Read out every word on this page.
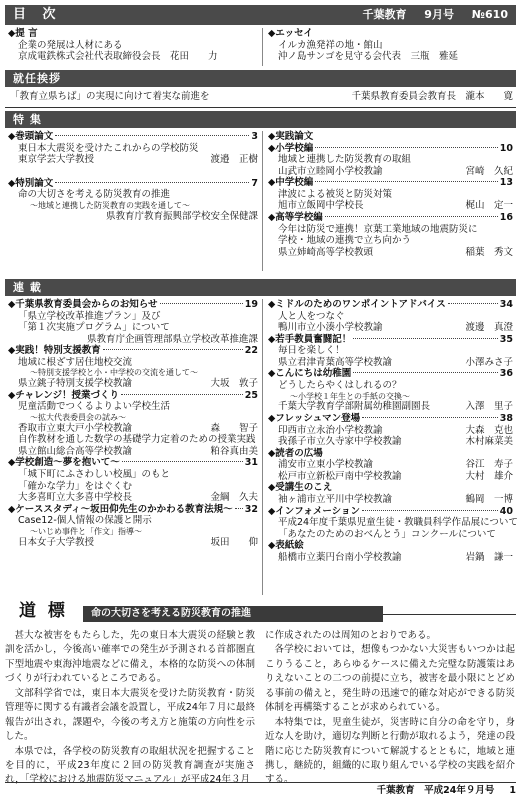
目 次	千葉教育 9月号 №610
◆提 言
企業の発展は人材にある
京成電鉄株式会社代表取締役会長　花田　　力
◆エッセイ
イルカ漁発祥の地・館山
沖ノ島サンゴを見守る会代表　三瓶　雅延
就任挨拶
「教育立県ちば」の実現に向けて着実な前進を	千葉県教育委員会教育長　瀧本　　寛
特 集
◆巻頭論文	3
東日本大震災を受けたこれからの学校防災
東京学芸大学教授	渡邉　正樹
◆特別論文	7
命の大切さを考える防災教育の推進
～地域と連携した防災教育の実践を通して～
県教育庁教育振興部学校安全保健課
◆実践論文
◆小学校編	10
地域と連携した防災教育の取組
山武市立睦岡小学校教諭	宮崎　久紀
◆中学校編	13
津波による被災と防災対策
旭市立飯岡中学校長	梶山　定一
◆高等学校編	16
今年は防災で連携！京葉工業地域の地震防災に
学校・地域の連携で立ち向かう
県立姉崎高等学校教頭	稲葉　秀文
連 載
◆千葉県教育委員会からのお知らせ	19
「県立学校改革推進プラン」及び
「第１次実施プログラム」について
県教育庁企画管理部県立学校改革推進課
◆実践！特別支援教育	22
地域に根ざす居住地校交流
～特別支援学校と小・中学校の交流を通して～
県立銚子特別支援学校教諭	大坂　敦子
◆チャレンジ！授業づくり	25
児童活動でつくるよりよい学校生活
～拡大代表委員会の試み～
香取市立東大戸小学校教諭	森　　智子
自作教材を通した数学の基礎学力定着のための授業実践
県立館山総合高等学校教諭	粕谷真由美
◆学校創造～夢を抱いて～	31
「城下町にふさわしい校風」のもと
「確かな学力」をはぐくむ
大多喜町立大多喜中学校長	金綱　久夫
◆ケーススタディ～坂田仰先生のかかわる教育法規～ 32
Case12-個人情報の保護と開示
～いじめ事件と「作文」指導～
日本女子大学教授	坂田　　仰
◆ミドルのためのワンポイントアドバイス	34
人と人をつなぐ
鴨川市立小湊小学校教諭	渡邊　真澄
◆若手教員奮闘記！	35
毎日を楽しく！
県立君津青葉高等学校教諭	小澤みさ子
◆こんにちは幼稚園	36
どうしたらやくはしれるの？
～小学校１年生との手紙の交換～
千葉大学教育学部附属幼稚園副園長	入澤　里子
◆フレッシュマン登場	38
印西市立永治小学校教諭	大森　克也
我孫子市立久寺家中学校教諭	木村麻菜美
◆読者の広場
浦安市立東小学校教諭	谷江　寿子
松戸市立新松戸南中学校教諭	大村　雄介
◆受講生のこえ
袖ヶ浦市立平川中学校教諭	鶴岡　一博
◆インフォメーション	40
平成24年度千葉県児童生徒・教職員科学作品展について
「あなたのためのおべんとう」コンクールについて
◆表紙絵
船橋市立薬円台南小学校教諭	岩鍋　謙一
道 標	命の大切さを考える防災教育の推進

甚大な被害をもたらした，先の東日本大震災の経験と教訓を活かし，今後高い確率での発生が予測される首都圏直下型地震や東海沖地震などに備え，本格的な防災への体制づくりが行われているところである。

文部科学省では，東日本大震災を受けた防災教育・防災管理等に関する有識者会議を設置し，平成24年７月に最終報告が出され，課題や，今後の考え方と施策の方向性を示した。

本県では，各学校の防災教育の取組状況を把握することを目的に，平成23年度に２回の防災教育調査が実施され，「学校における地震防災マニュアル」が平成24年３月

に作成されたのは周知のとおりである。

各学校においては，想像もつかない大災害もいつかは起こりうること，あらゆるケースに備えた完璧な防護策はありえないことの二つの前提に立ち，被害を最小限にとどめる事前の備えと，発生時の迅速で的確な対応ができる防災体制を再構築することが求められている。

本特集では，児童生徒が，災害時に自分の命を守り，身近な人を助け，適切な判断と行動が取れるよう，発達の段階に応じた防災教育について解説するとともに，地域と連携し，継続的，組織的に取り組んでいる学校の実践を紹介する。

千葉教育　平成24年９月号 1
